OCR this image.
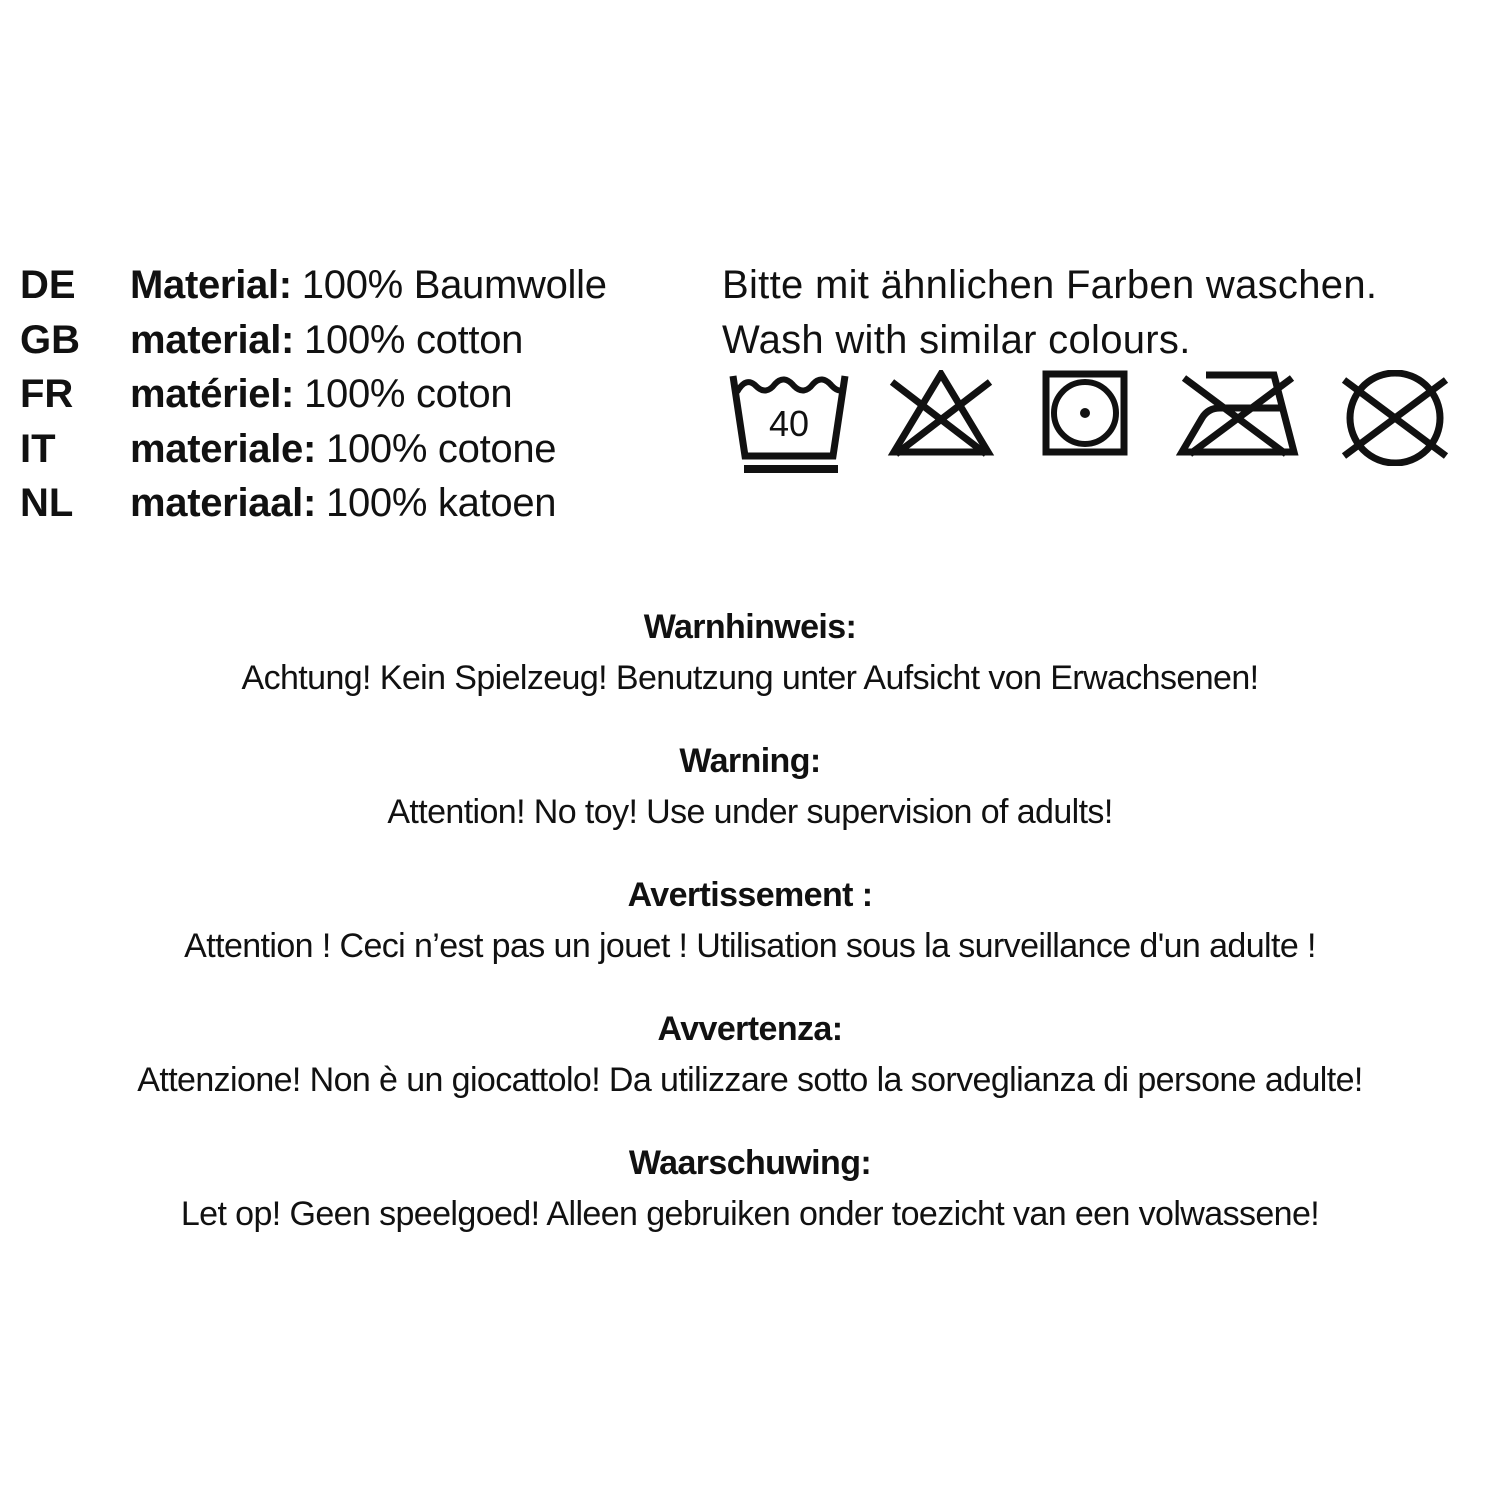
DE	Material: 100% Baumwolle
GB	material: 100% cotton
FR	matériel: 100% coton
IT	materiale: 100% cotone
NL	materiaal: 100% katoen
Bitte mit ähnlichen Farben waschen.
Wash with similar colours.
40
Warnhinweis:
Achtung! Kein Spielzeug! Benutzung unter Aufsicht von Erwachsenen!
Warning:
Attention! No toy! Use under supervision of adults!
Avertissement :
Attention ! Ceci n’est pas un jouet ! Utilisation sous la surveillance d'un adulte !
Avvertenza:
Attenzione! Non è un giocattolo! Da utilizzare sotto la sorveglianza di persone adulte!
Waarschuwing:
Let op! Geen speelgoed! Alleen gebruiken onder toezicht van een volwassene!
